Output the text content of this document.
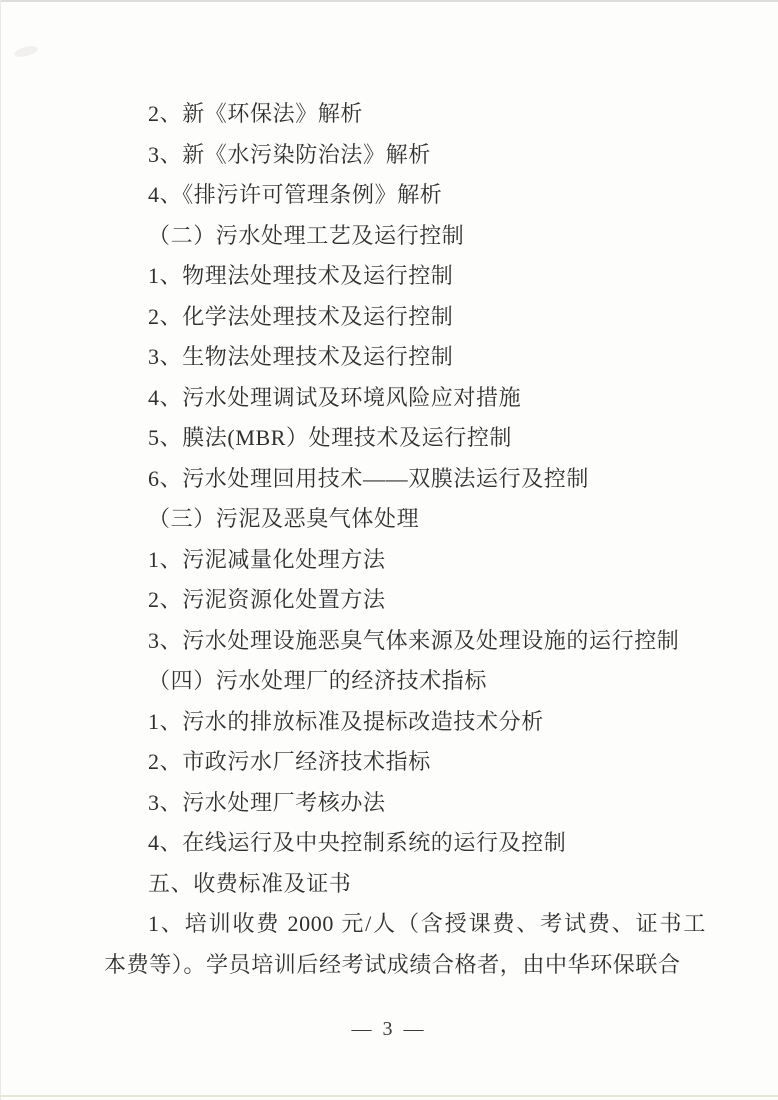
2、新《环保法》解析
3、新《水污染防治法》解析
4、《排污许可管理条例》解析
（二）污水处理工艺及运行控制
1、物理法处理技术及运行控制
2、化学法处理技术及运行控制
3、生物法处理技术及运行控制
4、污水处理调试及环境风险应对措施
5、膜法(MBR）处理技术及运行控制
6、污水处理回用技术——双膜法运行及控制
（三）污泥及恶臭气体处理
1、污泥减量化处理方法
2、污泥资源化处置方法
3、污水处理设施恶臭气体来源及处理设施的运行控制
（四）污水处理厂的经济技术指标
1、污水的排放标准及提标改造技术分析
2、市政污水厂经济技术指标
3、污水处理厂考核办法
4、在线运行及中央控制系统的运行及控制
五、收费标准及证书
1、培训收费 2000 元/人（含授课费、考试费、证书工
本费等）。学员培训后经考试成绩合格者，由中华环保联合
— 3 —
